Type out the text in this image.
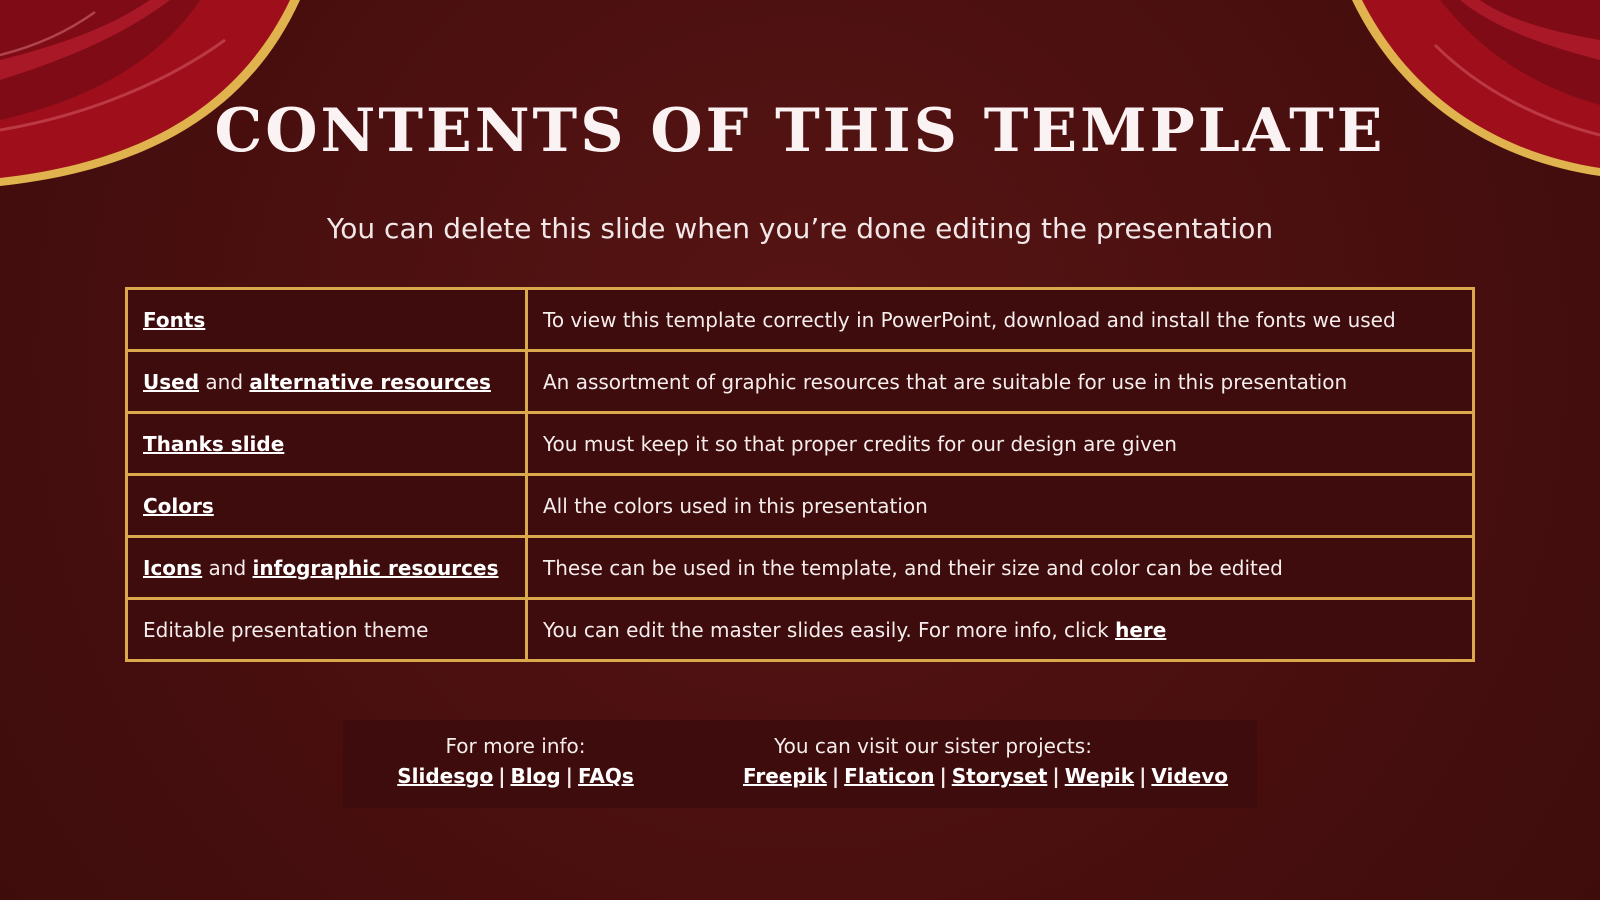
CONTENTS OF THIS TEMPLATE
You can delete this slide when you’re done editing the presentation
Fonts	To view this template correctly in PowerPoint, download and install the fonts we used
Used and alternative resources	An assortment of graphic resources that are suitable for use in this presentation
Thanks slide	You must keep it so that proper credits for our design are given
Colors	All the colors used in this presentation
Icons and infographic resources	These can be used in the template, and their size and color can be edited
Editable presentation theme	You can edit the master slides easily. For more info, click here
For more info:
Slidesgo | Blog | FAQs
You can visit our sister projects:
Freepik | Flaticon | Storyset | Wepik | Videvo
